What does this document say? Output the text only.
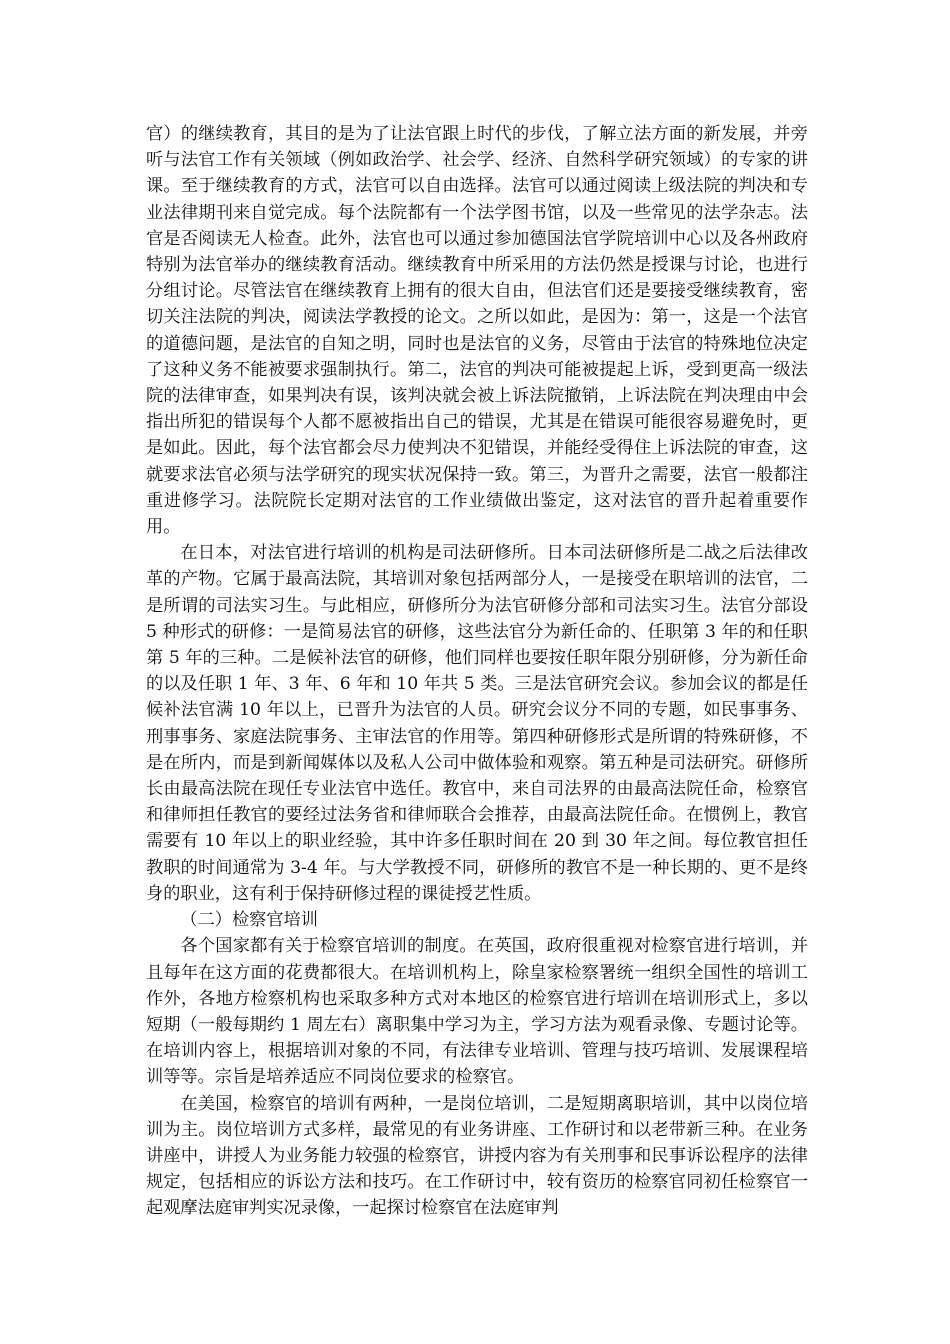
官）的继续教育，其目的是为了让法官跟上时代的步伐，了解立法方面的新发展，并旁听与法官工作有关领域（例如政治学、社会学、经济、自然科学研究领域）的专家的讲课。至于继续教育的方式，法官可以自由选择。法官可以通过阅读上级法院的判决和专业法律期刊来自觉完成。每个法院都有一个法学图书馆，以及一些常见的法学杂志。法官是否阅读无人检查。此外，法官也可以通过参加德国法官学院培训中心以及各州政府特别为法官举办的继续教育活动。继续教育中所采用的方法仍然是授课与讨论，也进行分组讨论。尽管法官在继续教育上拥有的很大自由，但法官们还是要接受继续教育，密切关注法院的判决，阅读法学教授的论文。之所以如此，是因为：第一，这是一个法官的道德问题，是法官的自知之明，同时也是法官的义务，尽管由于法官的特殊地位决定了这种义务不能被要求强制执行。第二，法官的判决可能被提起上诉，受到更高一级法院的法律审查，如果判决有误，该判决就会被上诉法院撤销，上诉法院在判决理由中会指出所犯的错误每个人都不愿被指出自己的错误，尤其是在错误可能很容易避免时，更是如此。因此，每个法官都会尽力使判决不犯错误，并能经受得住上诉法院的审查，这就要求法官必须与法学研究的现实状况保持一致。第三，为晋升之需要，法官一般都注重进修学习。法院院长定期对法官的工作业绩做出鉴定，这对法官的晋升起着重要作用。

在日本，对法官进行培训的机构是司法研修所。日本司法研修所是二战之后法律改革的产物。它属于最高法院，其培训对象包括两部分人，一是接受在职培训的法官，二是所谓的司法实习生。与此相应，研修所分为法官研修分部和司法实习生。法官分部设 5 种形式的研修：一是简易法官的研修，这些法官分为新任命的、任职第 3 年的和任职第 5 年的三种。二是候补法官的研修，他们同样也要按任职年限分别研修，分为新任命的以及任职 1 年、3 年、6 年和 10 年共 5 类。三是法官研究会议。参加会议的都是任候补法官满 10 年以上，已晋升为法官的人员。研究会议分不同的专题，如民事事务、刑事事务、家庭法院事务、主审法官的作用等。第四种研修形式是所谓的特殊研修，不是在所内，而是到新闻媒体以及私人公司中做体验和观察。第五种是司法研究。研修所长由最高法院在现任专业法官中选任。教官中，来自司法界的由最高法院任命，检察官和律师担任教官的要经过法务省和律师联合会推荐，由最高法院任命。在惯例上，教官需要有 10 年以上的职业经验，其中许多任职时间在 20 到 30 年之间。每位教官担任教职的时间通常为 3-4 年。与大学教授不同，研修所的教官不是一种长期的、更不是终身的职业，这有利于保持研修过程的课徒授艺性质。

（二）检察官培训

各个国家都有关于检察官培训的制度。在英国，政府很重视对检察官进行培训，并且每年在这方面的花费都很大。在培训机构上，除皇家检察署统一组织全国性的培训工作外，各地方检察机构也采取多种方式对本地区的检察官进行培训在培训形式上，多以短期（一般每期约 1 周左右）离职集中学习为主，学习方法为观看录像、专题讨论等。在培训内容上，根据培训对象的不同，有法律专业培训、管理与技巧培训、发展课程培训等等。宗旨是培养适应不同岗位要求的检察官。

在美国，检察官的培训有两种，一是岗位培训，二是短期离职培训，其中以岗位培训为主。岗位培训方式多样，最常见的有业务讲座、工作研讨和以老带新三种。在业务讲座中，讲授人为业务能力较强的检察官，讲授内容为有关刑事和民事诉讼程序的法律规定，包括相应的诉讼方法和技巧。在工作研讨中，较有资历的检察官同初任检察官一起观摩法庭审判实况录像，一起探讨检察官在法庭审判
